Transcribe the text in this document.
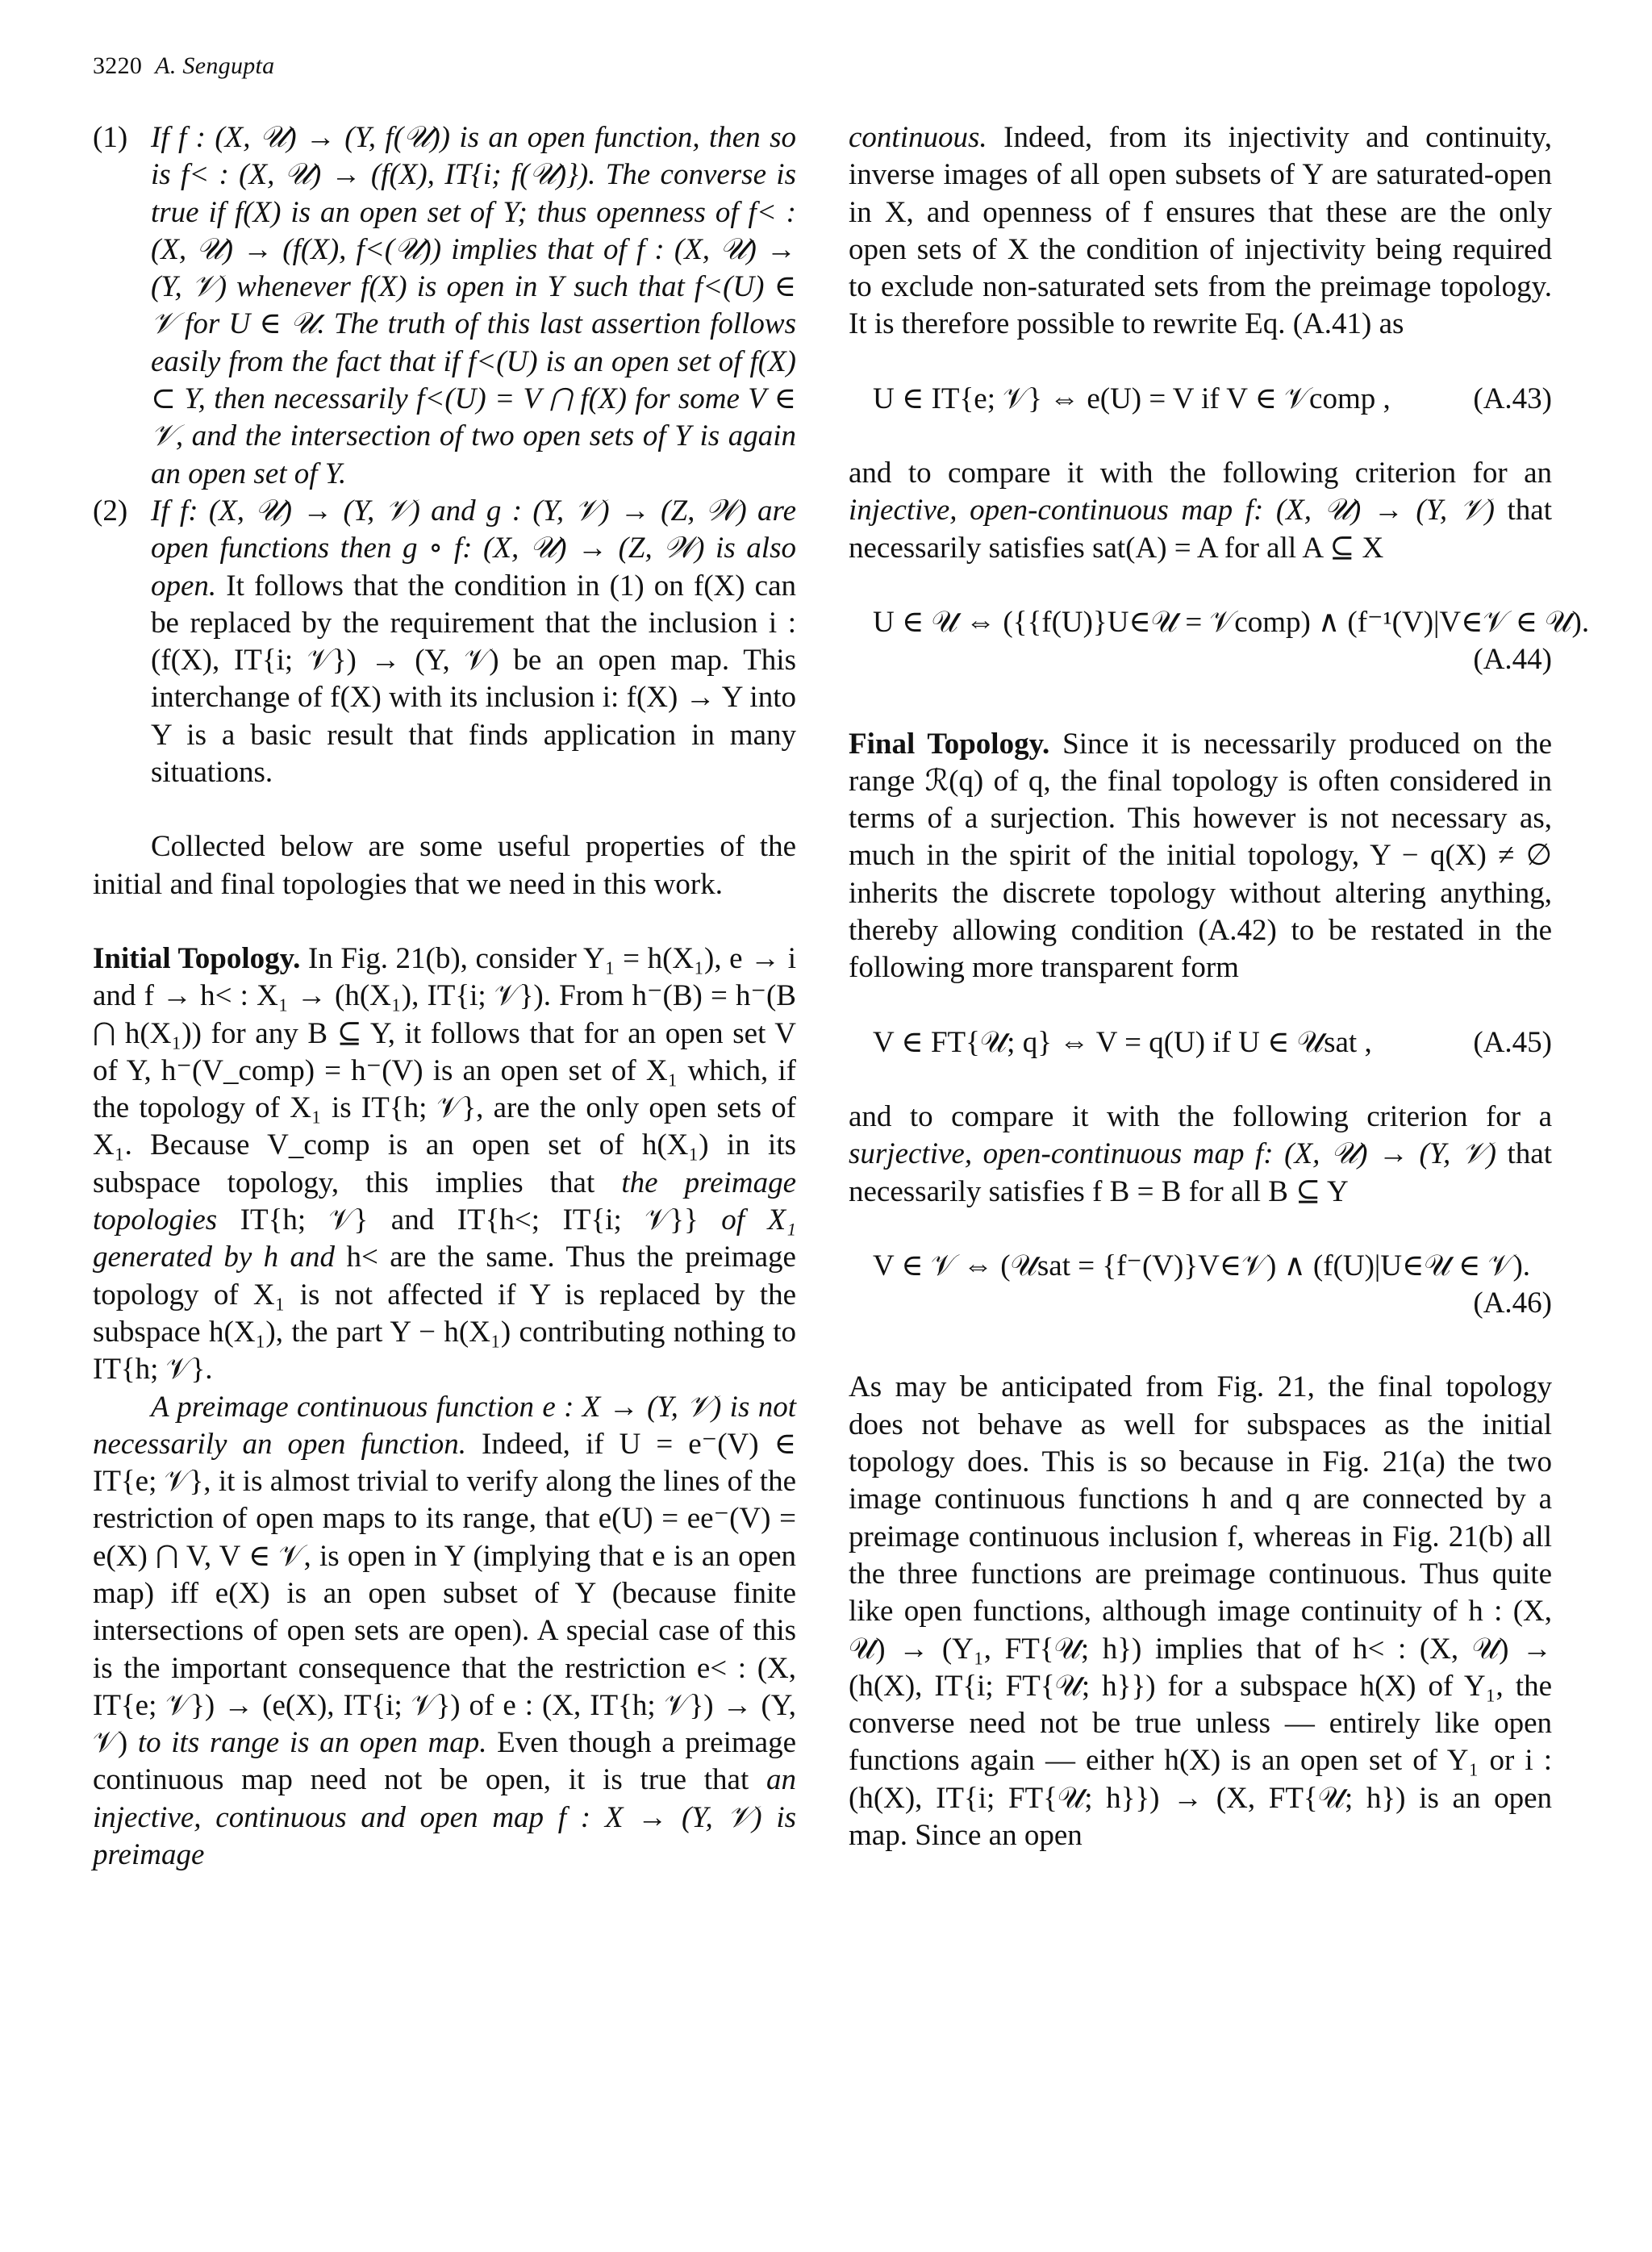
3220 A. Sengupta
(1) If f : (X, 𝒰) → (Y, f(𝒰)) is an open function, then so is f< : (X, 𝒰) → (f(X), IT{i; f(𝒰)}). The converse is true if f(X) is an open set of Y; thus openness of f< : (X, 𝒰) → (f(X), f<(𝒰)) implies that of f : (X, 𝒰) → (Y, 𝒱) whenever f(X) is open in Y such that f<(U) ∈ 𝒱 for U ∈ 𝒰. The truth of this last assertion follows easily from the fact that if f<(U) is an open set of f(X) ⊂ Y, then necessarily f<(U) = V ⋂ f(X) for some V ∈ 𝒱, and the intersection of two open sets of Y is again an open set of Y.

(2) If f: (X, 𝒰) → (Y, 𝒱) and g : (Y, 𝒱) → (Z, 𝒲) are open functions then g ∘ f: (X, 𝒰) → (Z, 𝒲) is also open. It follows that the condition in (1) on f(X) can be replaced by the requirement that the inclusion i : (f(X), IT{i; 𝒱}) → (Y, 𝒱) be an open map. This interchange of f(X) with its inclusion i: f(X) → Y into Y is a basic result that finds application in many situations.

Collected below are some useful properties of the initial and final topologies that we need in this work.

Initial Topology. In Fig. 21(b), consider Y₁ = h(X₁), e → i and f → h< : X₁ → (h(X₁), IT{i; 𝒱}). From h⁻(B) = h⁻(B ⋂ h(X₁)) for any B ⊆ Y, it follows that for an open set V of Y, h⁻(V_comp) = h⁻(V) is an open set of X₁ which, if the topology of X₁ is IT{h; 𝒱}, are the only open sets of X₁. Because V_comp is an open set of h(X₁) in its subspace topology, this implies that the preimage topologies IT{h; 𝒱} and IT{h<; IT{i; 𝒱}} of X₁ generated by h and h< are the same. Thus the preimage topology of X₁ is not affected if Y is replaced by the subspace h(X₁), the part Y − h(X₁) contributing nothing to IT{h; 𝒱}.

A preimage continuous function e : X → (Y, 𝒱) is not necessarily an open function. Indeed, if U = e⁻(V) ∈ IT{e; 𝒱}, it is almost trivial to verify along the lines of the restriction of open maps to its range, that e(U) = ee⁻(V) = e(X) ⋂ V, V ∈ 𝒱, is open in Y (implying that e is an open map) iff e(X) is an open subset of Y (because finite intersections of open sets are open). A special case of this is the important consequence that the restriction e< : (X, IT{e; 𝒱}) → (e(X), IT{i; 𝒱}) of e : (X, IT{h; 𝒱}) → (Y, 𝒱) to its range is an open map. Even though a preimage continuous map need not be open, it is true that an injective, continuous and open map f : X → (Y, 𝒱) is preimage

continuous. Indeed, from its injectivity and continuity, inverse images of all open subsets of Y are saturated-open in X, and openness of f ensures that these are the only open sets of X the condition of injectivity being required to exclude non-saturated sets from the preimage topology. It is therefore possible to rewrite Eq. (A.41) as

U ∈ IT{e; 𝒱} ⇔ e(U) = V if V ∈ 𝒱comp ,	(A.43)

and to compare it with the following criterion for an injective, open-continuous map f: (X, 𝒰) → (Y, 𝒱) that necessarily satisfies sat(A) = A for all A ⊆ X

U ∈ 𝒰 ⇔ ({{f(U)}U∈𝒰 = 𝒱comp) ∧ (f⁻¹(V)|V∈𝒱 ∈ 𝒰).
(A.44)

Final Topology. Since it is necessarily produced on the range ℛ(q) of q, the final topology is often considered in terms of a surjection. This however is not necessary as, much in the spirit of the initial topology, Y − q(X) ≠ ∅ inherits the discrete topology without altering anything, thereby allowing condition (A.42) to be restated in the following more transparent form

V ∈ FT{𝒰; q} ⇔ V = q(U) if U ∈ 𝒰sat ,	(A.45)

and to compare it with the following criterion for a surjective, open-continuous map f: (X, 𝒰) → (Y, 𝒱) that necessarily satisfies f B = B for all B ⊆ Y

V ∈ 𝒱 ⇔ (𝒰sat = {f⁻(V)}V∈𝒱) ∧ (f(U)|U∈𝒰 ∈ 𝒱).
(A.46)

As may be anticipated from Fig. 21, the final topology does not behave as well for subspaces as the initial topology does. This is so because in Fig. 21(a) the two image continuous functions h and q are connected by a preimage continuous inclusion f, whereas in Fig. 21(b) all the three functions are preimage continuous. Thus quite like open functions, although image continuity of h : (X, 𝒰) → (Y₁, FT{𝒰; h}) implies that of h< : (X, 𝒰) → (h(X), IT{i; FT{𝒰; h}}) for a subspace h(X) of Y₁, the converse need not be true unless — entirely like open functions again — either h(X) is an open set of Y₁ or i : (h(X), IT{i; FT{𝒰; h}}) → (X, FT{𝒰; h}) is an open map. Since an open
